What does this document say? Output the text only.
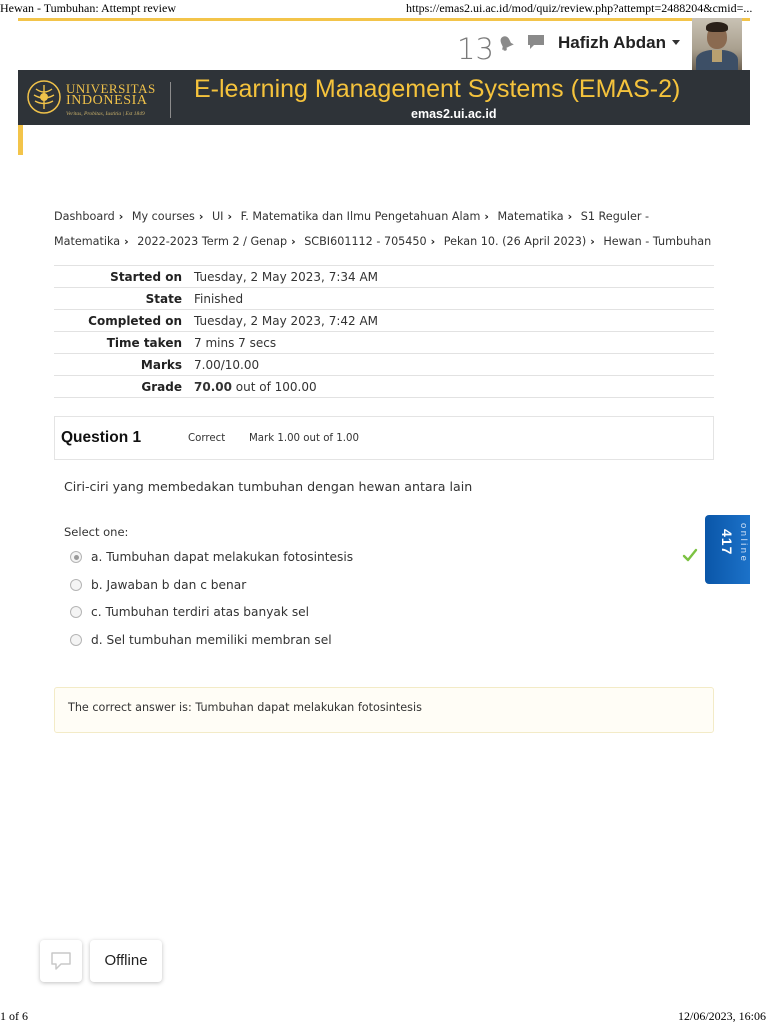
Hewan - Tumbuhan: Attempt review	https://emas2.ui.ac.id/mod/quiz/review.php?attempt=2488204&cmid=...
13	Hafizh Abdan
UNIVERSITAS
INDONESIA
Veritas, Probitas, Iustitia | Est 1849
E-learning Management Systems (EMAS-2)
emas2.ui.ac.id
Dashboard › My courses › UI › F. Matematika dan Ilmu Pengetahuan Alam › Matematika › S1 Reguler - Matematika › 2022-2023 Term 2 / Genap › SCBI601112 - 705450 › Pekan 10. (26 April 2023) › Hewan - Tumbuhan
Started on	Tuesday, 2 May 2023, 7:34 AM
State	Finished
Completed on	Tuesday, 2 May 2023, 7:42 AM
Time taken	7 mins 7 secs
Marks	7.00/10.00
Grade	70.00 out of 100.00
Question 1	Correct Mark 1.00 out of 1.00
Ciri-ciri yang membedakan tumbuhan dengan hewan antara lain
Select one:
a. Tumbuhan dapat melakukan fotosintesis
b. Jawaban b dan c benar
c. Tumbuhan terdiri atas banyak sel
d. Sel tumbuhan memiliki membran sel
417 online
The correct answer is: Tumbuhan dapat melakukan fotosintesis
Offline
1 of 6	12/06/2023, 16:06
